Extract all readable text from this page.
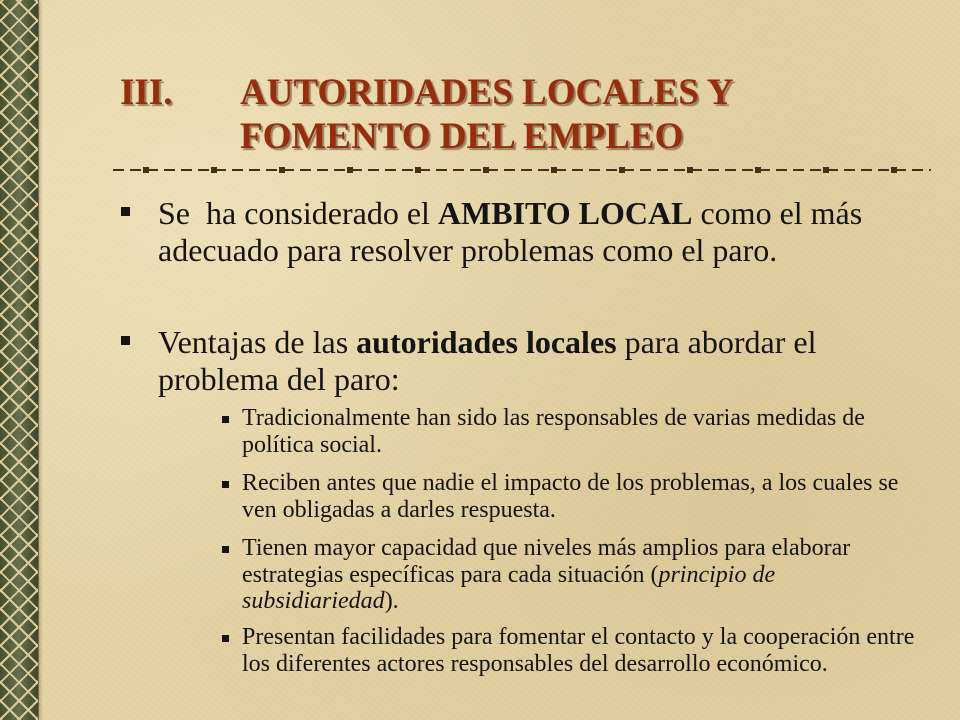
III. AUTORIDADES LOCALES Y FOMENTO DEL EMPLEO
Se  ha considerado el AMBITO LOCAL como el más adecuado para resolver problemas como el paro.
Ventajas de las autoridades locales para abordar el problema del paro:
Tradicionalmente han sido las responsables de varias medidas de política social.
Reciben antes que nadie el impacto de los problemas, a los cuales se ven obligadas a darles respuesta.
Tienen mayor capacidad que niveles más amplios para elaborar estrategias específicas para cada situación (principio de subsidiariedad).
Presentan facilidades para fomentar el contacto y la cooperación entre los diferentes actores responsables del desarrollo económico.
